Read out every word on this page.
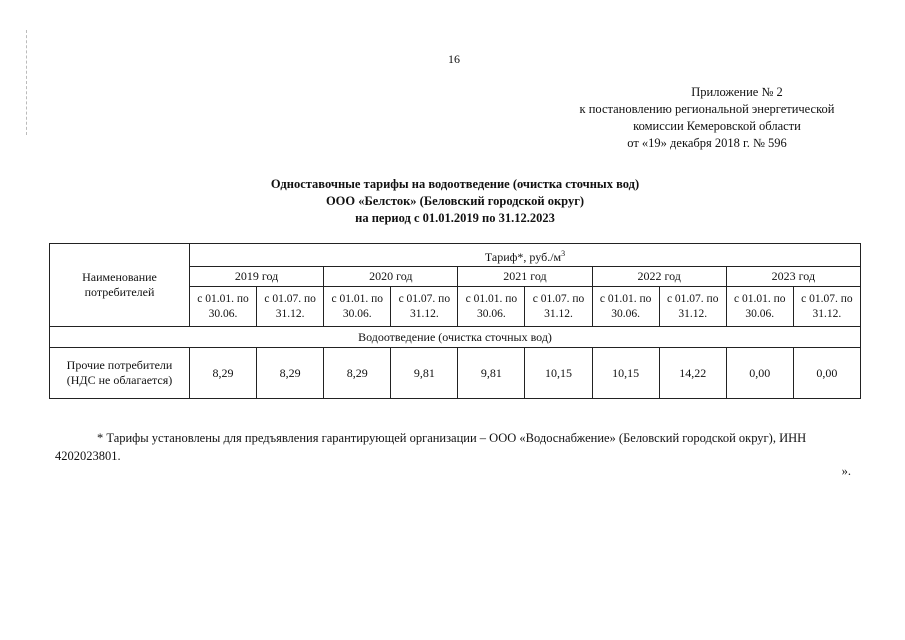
16
Приложение № 2
к постановлению региональной энергетической
комиссии Кемеровской области
от «19» декабря 2018 г. № 596
Одноставочные тарифы на водоотведение (очистка сточных вод)
ООО «Белсток» (Беловский городской округ)
на период с 01.01.2019 по 31.12.2023
Наименование потребителей	Тариф*, $руб./м^3$
	2019 год		2020 год		2021 год		2022 год		2023 год	
	с 01.01. по 30.06.	с 01.07. по 31.12.	с 01.01. по 30.06.	с 01.07. по 31.12.	с 01.01. по 30.06.	с 01.07. по 31.12.	с 01.01. по 30.06.	с 01.07. по 31.12.	с 01.01. по 30.06.	с 01.07. по 31.12.
Водоотведение (очистка сточных вод)										
Прочие потребители (НДС не облагается)	8,29	8,29	8,29	9,81	9,81	10,15	10,15	14,22	0,00	0,00
* Тарифы установлены для предъявления гарантирующей организации – ООО «Водоснабжение» (Беловский городской округ), ИНН 4202023801.
».
